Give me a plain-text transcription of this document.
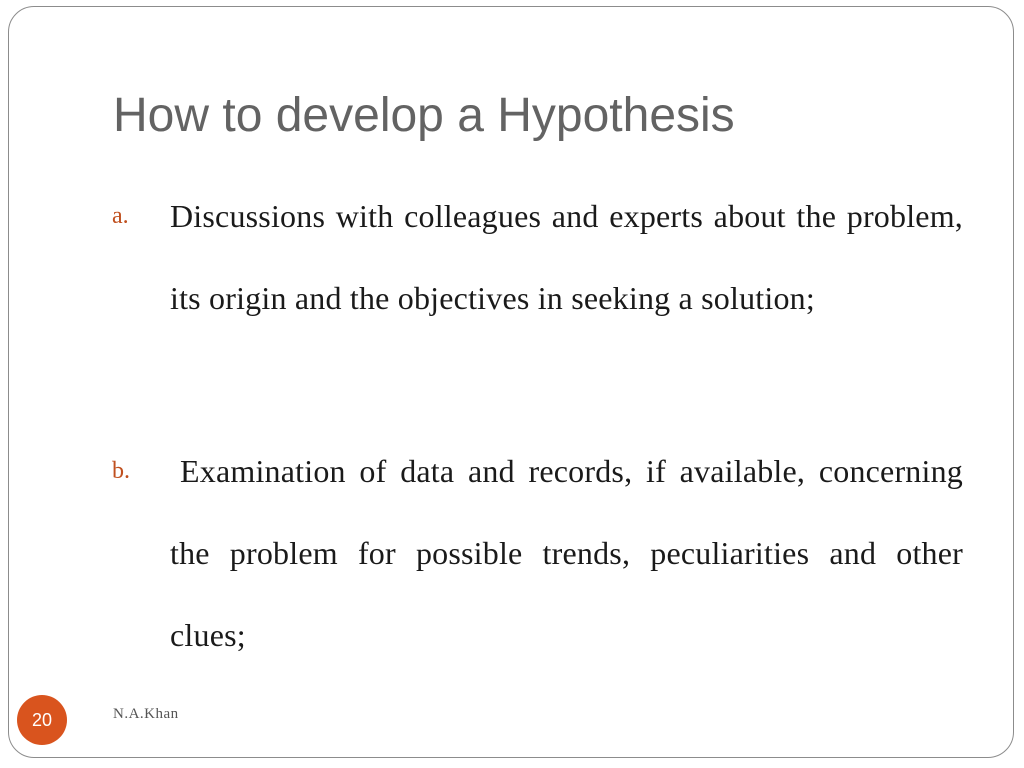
How to develop a Hypothesis
a. Discussions with colleagues and experts about the problem, its origin and the objectives in seeking a solution;

b.	Examination of data and records, if available, concerning the problem for possible trends, peculiarities and other clues;

20	N.A.Khan
